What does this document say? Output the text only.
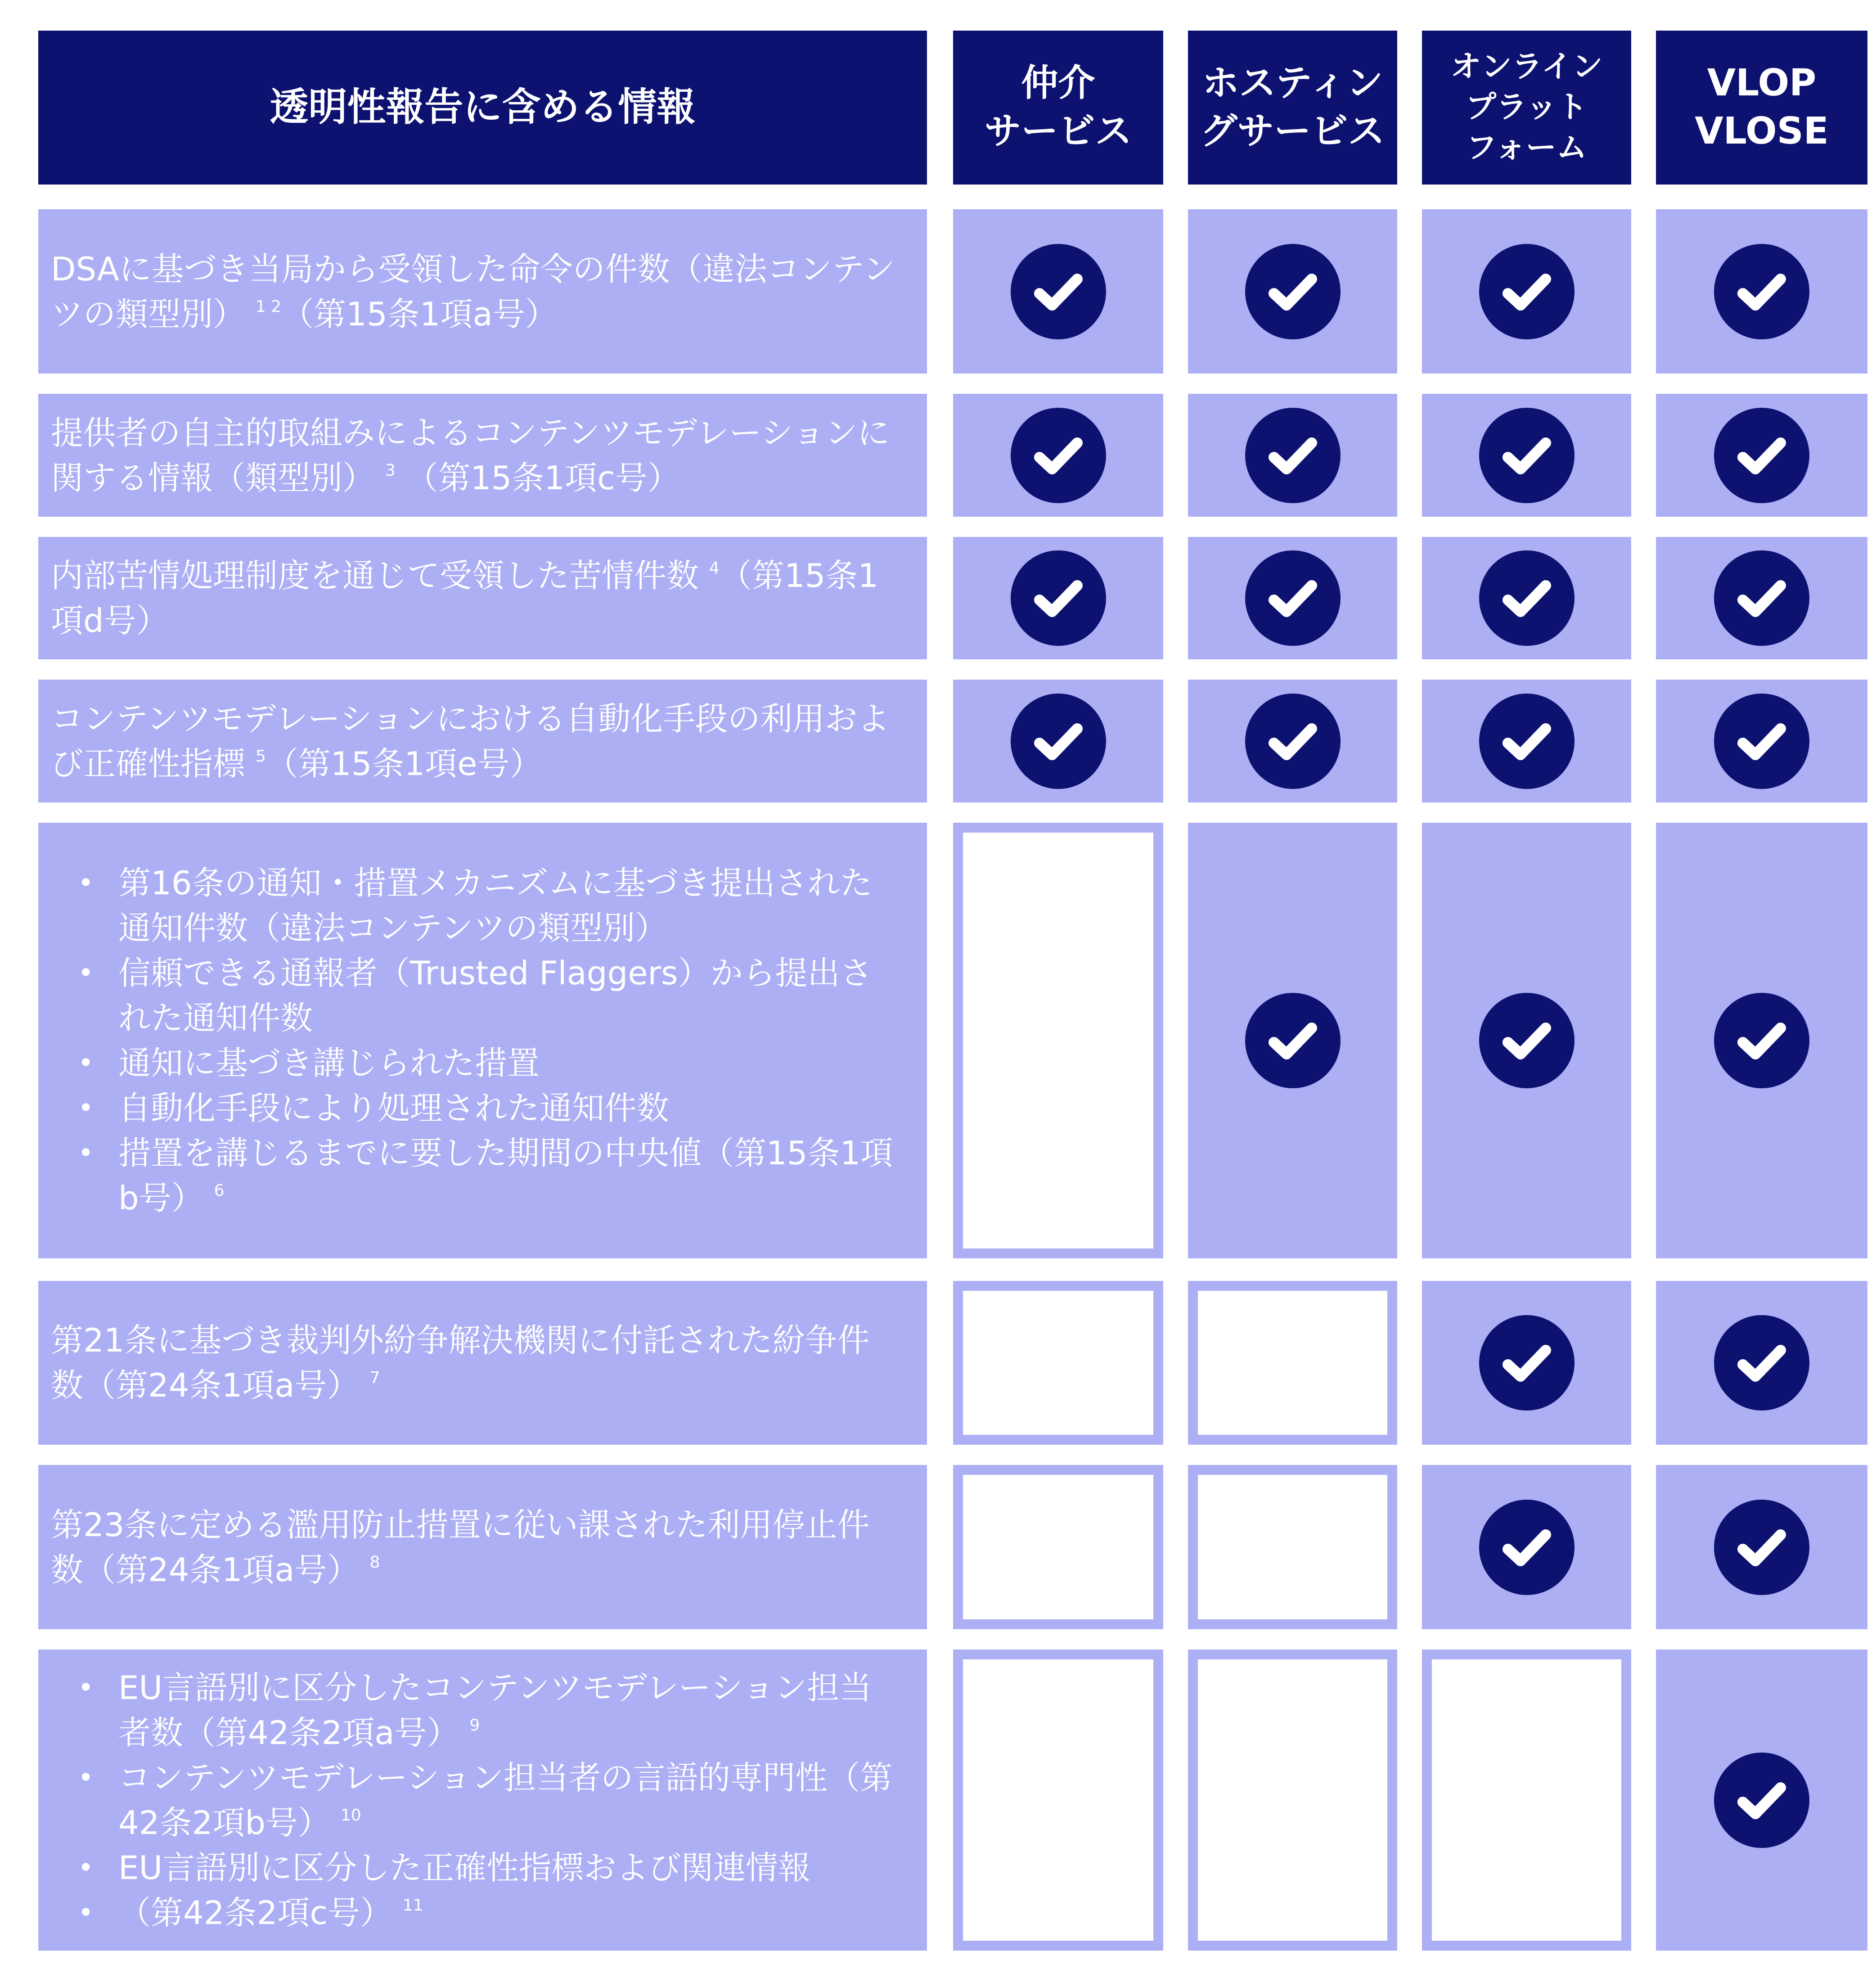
透明性報告に含める情報
仲介
サービス
ホスティン
グサービス
オンライン
プラット
フォーム
VLOP
VLOSE
DSAに基づき当局から受領した命令の件数（違法コンテンツの類型別） $^{1 2}$（第15条1項a号）
提供者の自主的取組みによるコンテンツモデレーションに関する情報（類型別） $^3$ （第15条1項c号）
内部苦情処理制度を通じて受領した苦情件数 $^4$（第15条1項d号）
コンテンツモデレーションにおける自動化手段の利用および正確性指標 $^5$（第15条1項e号）
• 第16条の通知・措置メカニズムに基づき提出された通知件数（違法コンテンツの類型別）
• 信頼できる通報者（Trusted Flaggers）から提出された通知件数
• 通知に基づき講じられた措置
• 自動化手段により処理された通知件数
• 措置を講じるまでに要した期間の中央値（第15条1項b号） $^6$
第21条に基づき裁判外紛争解決機関に付託された紛争件数（第24条1項a号） $^7$
第23条に定める濫用防止措置に従い課された利用停止件数（第24条1項a号） $^8$
• EU言語別に区分したコンテンツモデレーション担当者数（第42条2項a号） $^9$
• コンテンツモデレーション担当者の言語的専門性（第42条2項b号） $^{10}$
• EU言語別に区分した正確性指標および関連情報
• （第42条2項c号） $^{11}$
